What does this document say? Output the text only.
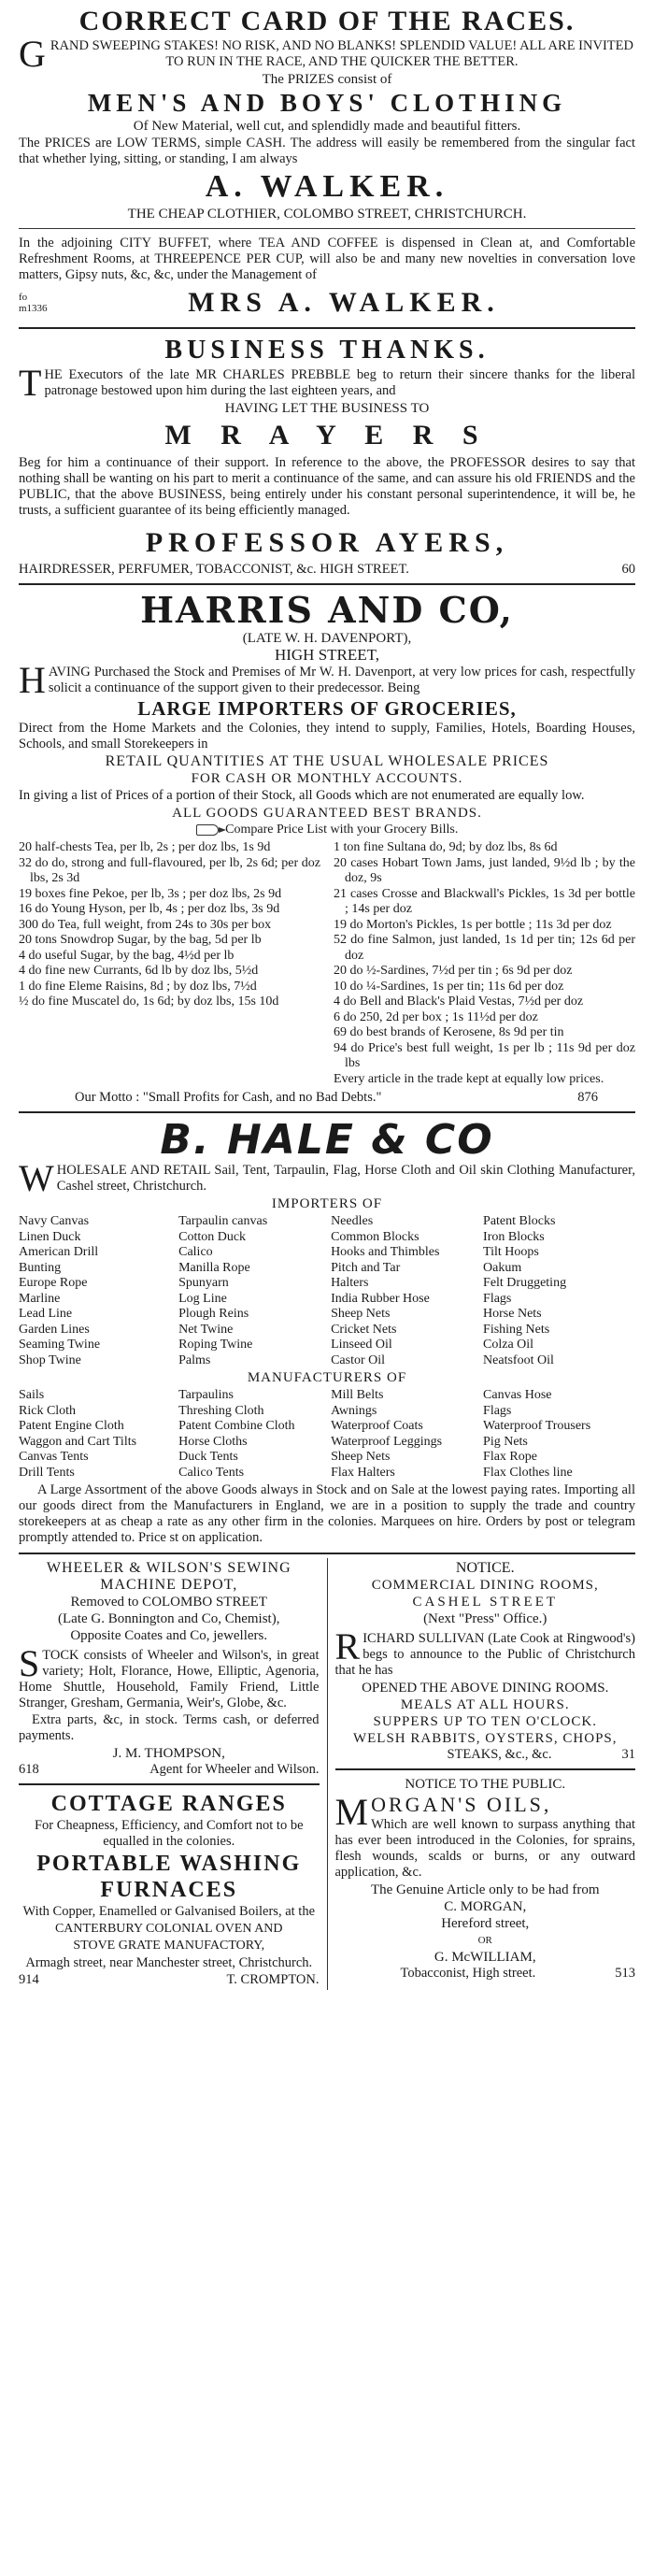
CORRECT CARD OF THE RACES.
G RAND SWEEPING STAKES! NO RISK, AND NO BLANKS! SPLENDID VALUE! ALL ARE INVITED TO RUN IN THE RACE, AND THE QUICKER THE BETTER.
The PRIZES consist of
MEN'S AND BOYS' CLOTHING
Of New Material, well cut, and splendidly made and beautiful fitters.
The PRICES are LOW TERMS, simple CASH. The address will easily be remembered from the singular fact that whether lying, sitting, or standing, I am always
A. WALKER.
THE CHEAP CLOTHIER, COLOMBO STREET, CHRISTCHURCH.
In the adjoining CITY BUFFET, where TEA AND COFFEE is dispensed in Clean at, and Comfortable Refreshment Rooms, at THREEPENCE PER CUP, will also be and many new novelties in conversation love matters, Gipsy nuts, &c, &c, under the Management of
fo
m1336	MRS A. WALKER.
BUSINESS THANKS.
T HE Executors of the late MR CHARLES PREBBLE beg to return their sincere thanks for the liberal patronage bestowed upon him during the last eighteen years, and
HAVING LET THE BUSINESS TO
M R A Y E R S
Beg for him a continuance of their support. In reference to the above, the PROFESSOR desires to say that nothing shall be wanting on his part to merit a continuance of the same, and can assure his old FRIENDS and the PUBLIC, that the above BUSINESS, being entirely under his constant personal superintendence, it will be, he trusts, a sufficient guarantee of its being efficiently managed.
PROFESSOR AYERS,
HAIRDRESSER, PERFUMER, TOBACCONIST, &c. HIGH STREET.	60
HARRIS AND CO,
(LATE W. H. DAVENPORT),
HIGH STREET,
H AVING Purchased the Stock and Premises of Mr W. H. Davenport, at very low prices for cash, respectfully solicit a continuance of the support given to their predecessor. Being
LARGE IMPORTERS OF GROCERIES,
Direct from the Home Markets and the Colonies, they intend to supply, Families, Hotels, Boarding Houses, Schools, and small Storekeepers in
RETAIL QUANTITIES AT THE USUAL WHOLESALE PRICES
FOR CASH OR MONTHLY ACCOUNTS.
In giving a list of Prices of a portion of their Stock, all Goods which are not enumerated are equally low.
ALL GOODS GUARANTEED BEST BRANDS.
Compare Price List with your Grocery Bills.
20 half-chests Tea, per lb, 2s ; per doz lbs, 1s 9d
32 do do, strong and full-flavoured, per lb, 2s 6d; per doz lbs, 2s 3d
19 boxes fine Pekoe, per lb, 3s ; per doz lbs, 2s 9d
16 do Young Hyson, per lb, 4s ; per doz lbs, 3s 9d
300 do Tea, full weight, from 24s to 30s per box
20 tons Snowdrop Sugar, by the bag, 5d per lb
4 do useful Sugar, by the bag, 4½d per lb
4 do fine new Currants, 6d lb by doz lbs, 5½d
1 do fine Eleme Raisins, 8d ; by doz lbs, 7½d
½ do fine Muscatel do, 1s 6d; by doz lbs, 15s 10d
1 ton fine Sultana do, 9d; by doz lbs, 8s 6d
20 cases Hobart Town Jams, just landed, 9½d lb ; by the doz, 9s
21 cases Crosse and Blackwall's Pickles, 1s 3d per bottle ; 14s per doz
19 do Morton's Pickles, 1s per bottle ; 11s 3d per doz
52 do fine Salmon, just landed, 1s 1d per tin; 12s 6d per doz
20 do ½-Sardines, 7½d per tin ; 6s 9d per doz
10 do ¼-Sardines, 1s per tin; 11s 6d per doz
4 do Bell and Black's Plaid Vestas, 7½d per doz
6 do 250, 2d per box ; 1s 11½d per doz
69 do best brands of Kerosene, 8s 9d per tin
94 do Price's best full weight, 1s per lb ; 11s 9d per doz lbs
Every article in the trade kept at equally low prices.
Our Motto : "Small Profits for Cash, and no Bad Debts."	876
B. HALE & CO
W HOLESALE AND RETAIL Sail, Tent, Tarpaulin, Flag, Horse Cloth and Oil skin Clothing Manufacturer, Cashel street, Christchurch.
IMPORTERS OF
Navy Canvas	Tarpaulin canvas	Needles	Patent Blocks
Linen Duck	Cotton Duck	Common Blocks	Iron Blocks
American Drill	Calico	Hooks and Thimbles	Tilt Hoops
Bunting	Manilla Rope	Pitch and Tar	Oakum
Europe Rope	Spunyarn	Halters	Felt Druggeting
Marline	Log Line	India Rubber Hose	Flags
Lead Line	Plough Reins	Sheep Nets	Horse Nets
Garden Lines	Net Twine	Cricket Nets	Fishing Nets
Seaming Twine	Roping Twine	Linseed Oil	Colza Oil
Shop Twine	Palms	Castor Oil	Neatsfoot Oil
MANUFACTURERS OF
Sails	Tarpaulins	Mill Belts	Canvas Hose
Rick Cloth	Threshing Cloth	Awnings	Flags
Patent Engine Cloth	Patent Combine Cloth	Waterproof Coats	Waterproof Trousers
Waggon and Cart Tilts	Horse Cloths	Waterproof Leggings	Pig Nets
Canvas Tents	Duck Tents	Sheep Nets	Flax Rope
Drill Tents	Calico Tents	Flax Halters	Flax Clothes line
A Large Assortment of the above Goods always in Stock and on Sale at the lowest paying rates. Importing all our goods direct from the Manufacturers in England, we are in a position to supply the trade and country storekeepers at as cheap a rate as any other firm in the colonies. Marquees on hire. Orders by post or telegram promptly attended to. Price st on application.
WHEELER & WILSON'S SEWING
MACHINE DEPOT,
Removed to COLOMBO STREET
(Late G. Bonnington and Co, Chemist),
Opposite Coates and Co, jewellers.
S TOCK consists of Wheeler and Wilson's, in great variety; Holt, Florance, Howe, Elliptic, Agenoria, Home Shuttle, Household, Family Friend, Little Stranger, Gresham, Germania, Weir's, Globe, &c.
Extra parts, &c, in stock. Terms cash, or deferred payments.
J. M. THOMPSON,
618	Agent for Wheeler and Wilson.
COTTAGE RANGES
For Cheapness, Efficiency, and Comfort not to be equalled in the colonies.
PORTABLE WASHING
FURNACES
With Copper, Enamelled or Galvanised Boilers, at the
CANTERBURY COLONIAL OVEN AND
STOVE GRATE MANUFACTORY,
Armagh street, near Manchester street, Christchurch.
914	T. CROMPTON.
NOTICE.
COMMERCIAL DINING ROOMS,
CASHEL STREET
(Next "Press" Office.)
R ICHARD SULLIVAN (Late Cook at Ringwood's) begs to announce to the Public of Christchurch that he has
OPENED THE ABOVE DINING ROOMS.
MEALS AT ALL HOURS.
SUPPERS UP TO TEN O'CLOCK.
WELSH RABBITS, OYSTERS, CHOPS,
STEAKS, &c., &c.	31
NOTICE TO THE PUBLIC.
M ORGAN'S OILS,
Which are well known to surpass anything that has ever been introduced in the Colonies, for sprains, flesh wounds, scalds or burns, or any outward application, &c.
The Genuine Article only to be had from
C. MORGAN,
Hereford street,
OR
G. McWILLIAM,
Tobacconist, High street.	513
